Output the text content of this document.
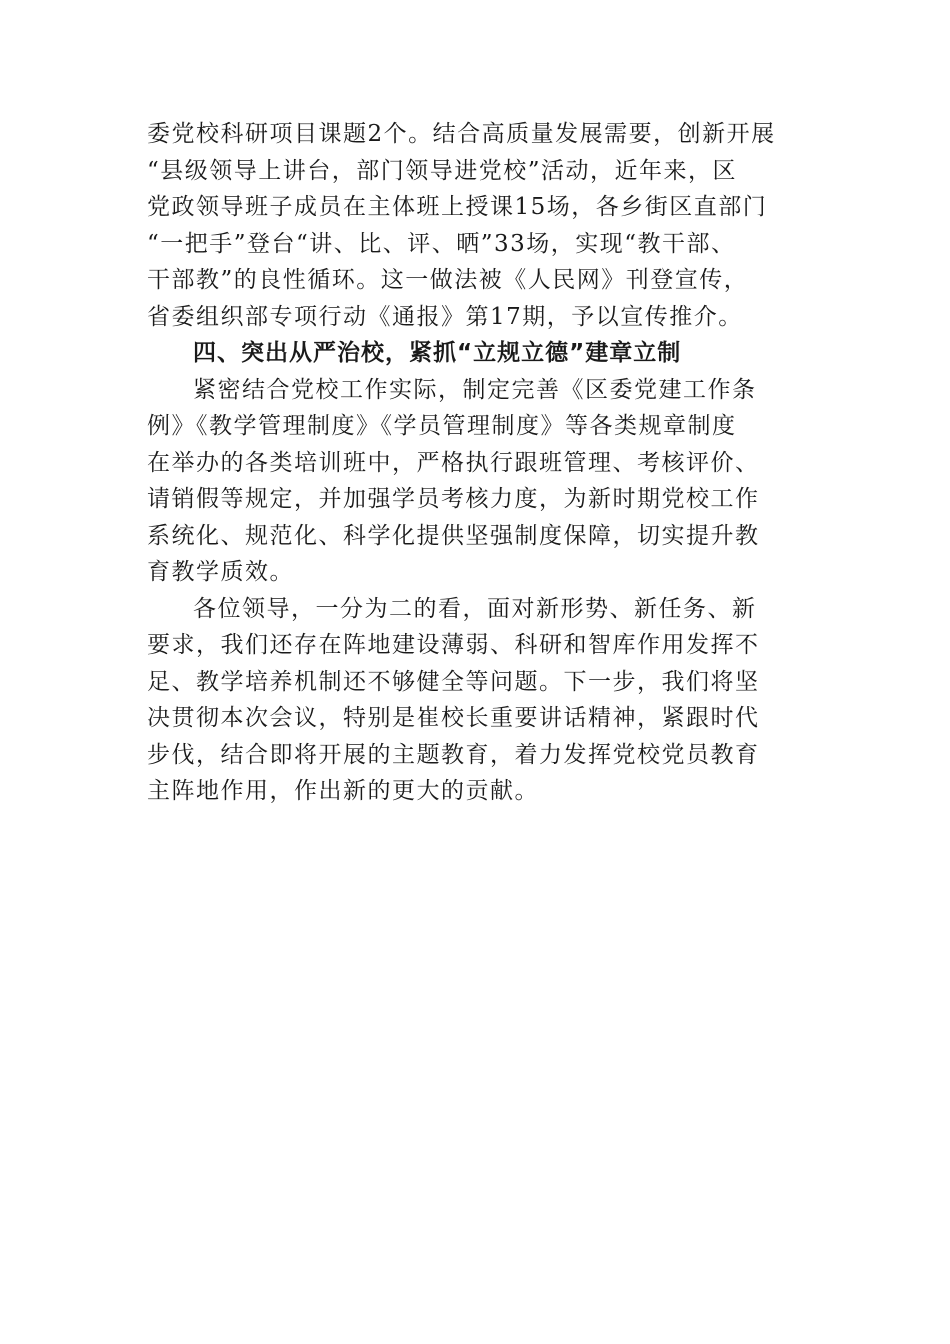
委党校科研项目课题2个。结合高质量发展需要，创新开展
“县级领导上讲台，部门领导进党校”活动，近年来，区
党政领导班子成员在主体班上授课15场，各乡街区直部门
“一把手”登台“讲、比、评、晒”33场，实现“教干部、
干部教”的良性循环。这一做法被《人民网》刊登宣传，
省委组织部专项行动《通报》第17期，予以宣传推介。
四、突出从严治校，紧抓“立规立德”建章立制
紧密结合党校工作实际，制定完善《区委党建工作条
例》《教学管理制度》《学员管理制度》等各类规章制度
在举办的各类培训班中，严格执行跟班管理、考核评价、
请销假等规定，并加强学员考核力度，为新时期党校工作
系统化、规范化、科学化提供坚强制度保障，切实提升教
育教学质效。
各位领导，一分为二的看，面对新形势、新任务、新
要求，我们还存在阵地建设薄弱、科研和智库作用发挥不
足、教学培养机制还不够健全等问题。下一步，我们将坚
决贯彻本次会议，特别是崔校长重要讲话精神，紧跟时代
步伐，结合即将开展的主题教育，着力发挥党校党员教育
主阵地作用，作出新的更大的贡献。
